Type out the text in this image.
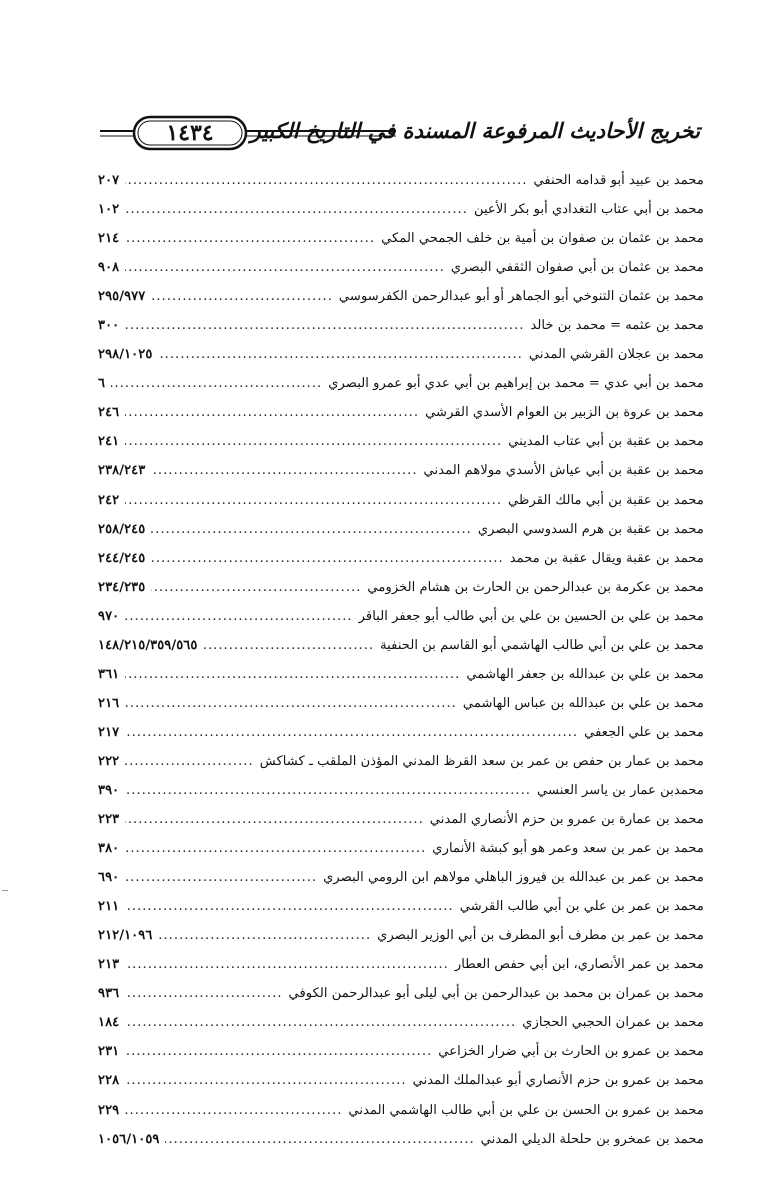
تخريج الأحاديث المرفوعة المسندة في التاريخ الكبير
١٤٣٤
محمد بن عبيد أبو قدامه الحنفي
.....
٢٠٧
محمد بن أبي عتاب التغدادي أبو بكر الأعين
.....
١٠٢
محمد بن عثمان بن صفوان بن أمية بن خلف الجمحي المكي
.....
٢١٤
محمد بن عثمان بن أبي صفوان الثقفي البصري
.....
٩٠٨
محمد بن عثمان التنوخي أبو الجماهر أو أبو عبدالرحمن الكفرسوسي
.....
٢٩٥/٩٧٧
محمد بن عثمه = محمد بن خالد
.....
٣٠٠
محمد بن عجلان القرشي المدني
.....
٢٩٨/١٠٢٥
محمد بن أبي عدي = محمد بن إبراهيم بن أبي عدي أبو عمرو البصري
.....
٦
محمد بن عروة بن الزبير بن العوام الأسدي القرشي
.....
٢٤٦
محمد بن عقبة بن أبي عتاب المديني
.....
٢٤١
محمد بن عقبة بن أبي عياش الأسدي مولاهم المدني
.....
٢٣٨/٢٤٣
محمد بن عقبة بن أبي مالك القرظي
.....
٢٤٢
محمد بن عقبة بن هرم السدوسي البصري
.....
٢٥٨/٢٤٥
محمد بن عقبة ويقال عقبة بن محمد
.....
٢٤٤/٢٤٥
محمد بن عكرمة بن عبدالرحمن بن الحارث بن هشام الخزومي
.....
٢٣٤/٢٣٥
محمد بن علي بن الحسين بن علي بن أبي طالب أبو جعفر الباقر
.....
٩٧٠
محمد بن علي بن أبي طالب الهاشمي أبو القاسم بن الحنفية
.....
١٤٨/٢١٥/٣٥٩/٥٦٥
محمد بن علي بن عبدالله بن جعفر الهاشمي
.....
٣٦١
محمد بن علي بن عبدالله بن عباس الهاشمي
.....
٢١٦
محمد بن علي الجعفي
.....
٢١٧
محمد بن عمار بن حفص بن عمر بن سعد القرظ المدني المؤذن الملقب ـ كشاكش
.....
٢٢٢
محمدبن عمار بن ياسر العنسي
.....
٣٩٠
محمد بن عمارة بن عمرو بن حزم الأنصاري المدني
.....
٢٢٣
محمد بن عمر بن سعد وعمر هو أبو كبشة الأنماري
.....
٣٨٠
محمد بن عمر بن عبدالله بن فيروز الباهلي مولاهم ابن الرومي البصري
.....
٦٩٠
محمد بن عمر بن علي بن أبي طالب القرشي
.....
٢١١
محمد بن عمر بن مطرف أبو المطرف بن أبي الوزير البصري
.....
٢١٢/١٠٩٦
محمد بن عمر الأنصاري، ابن أبي حفص العطار
.....
٢١٣
محمد بن عمران بن محمد بن عبدالرحمن بن أبي ليلى أبو عبدالرحمن الكوفي
.....
٩٣٦
محمد بن عمران الحجبي الحجازي
.....
١٨٤
محمد بن عمرو بن الحارث بن أبي ضرار الخزاعي
.....
٢٣١
محمد بن عمرو بن حزم الأنصاري أبو عبدالملك المدني
.....
٢٢٨
محمد بن عمرو بن الحسن بن علي بن أبي طالب الهاشمي المدني
.....
٢٢٩
محمد بن عمخرو بن حلحلة الديلي المدني
.....
١٠٥٦/١٠٥٩
